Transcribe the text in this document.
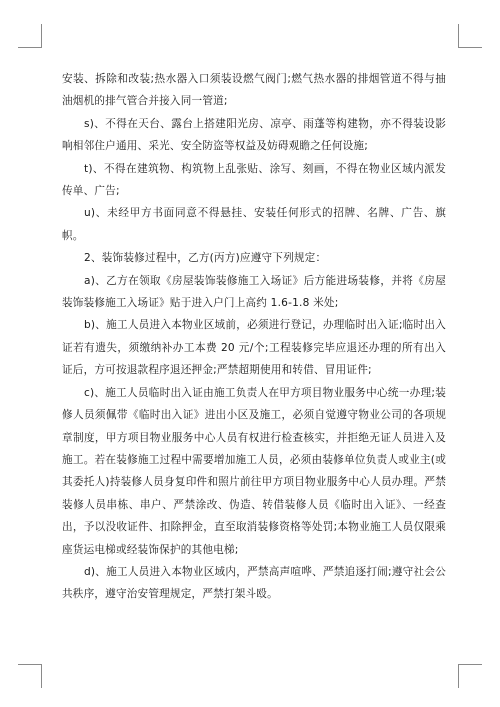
安装、拆除和改装;热水器入口须装设燃气阀门;燃气热水器的排烟管道不得与抽油烟机的排气管合并接入同一管道;

s)、不得在天台、露台上搭建阳光房、凉亭、雨蓬等构建物，亦不得装设影响相邻住户通用、采光、安全防盗等权益及妨碍观瞻之任何设施;

t)、不得在建筑物、构筑物上乱张贴、涂写、刻画，不得在物业区域内派发传单、广告;

u)、未经甲方书面同意不得悬挂、安装任何形式的招牌、名牌、广告、旗帜。

2、装饰装修过程中，乙方(丙方)应遵守下列规定：

a)、乙方在领取《房屋装饰装修施工入场证》后方能进场装修，并将《房屋装饰装修施工入场证》贴于进入户门上高约 1.6-1.8 米处;

b)、施工人员进入本物业区域前，必须进行登记，办理临时出入证;临时出入证若有遗失，须缴纳补办工本费 20 元/个;工程装修完毕应退还办理的所有出入证后，方可按退款程序退还押金;严禁超期使用和转借、冒用证件;

c)、施工人员临时出入证由施工负责人在甲方项目物业服务中心统一办理;装修人员须佩带《临时出入证》进出小区及施工，必须自觉遵守物业公司的各项规章制度，甲方项目物业服务中心人员有权进行检查核实，并拒绝无证人员进入及施工。若在装修施工过程中需要增加施工人员，必须由装修单位负责人或业主(或其委托人)持装修人员身复印件和照片前往甲方项目物业服务中心人员办理。严禁装修人员串栋、串户、严禁涂改、伪造、转借装修人员《临时出入证》、一经查出，予以没收证件、扣除押金，直至取消装修资格等处罚;本物业施工人员仅限乘座货运电梯或经装饰保护的其他电梯;

d)、施工人员进入本物业区域内，严禁高声喧哗、严禁追逐打闹;遵守社会公共秩序，遵守治安管理规定，严禁打架斗殴。
